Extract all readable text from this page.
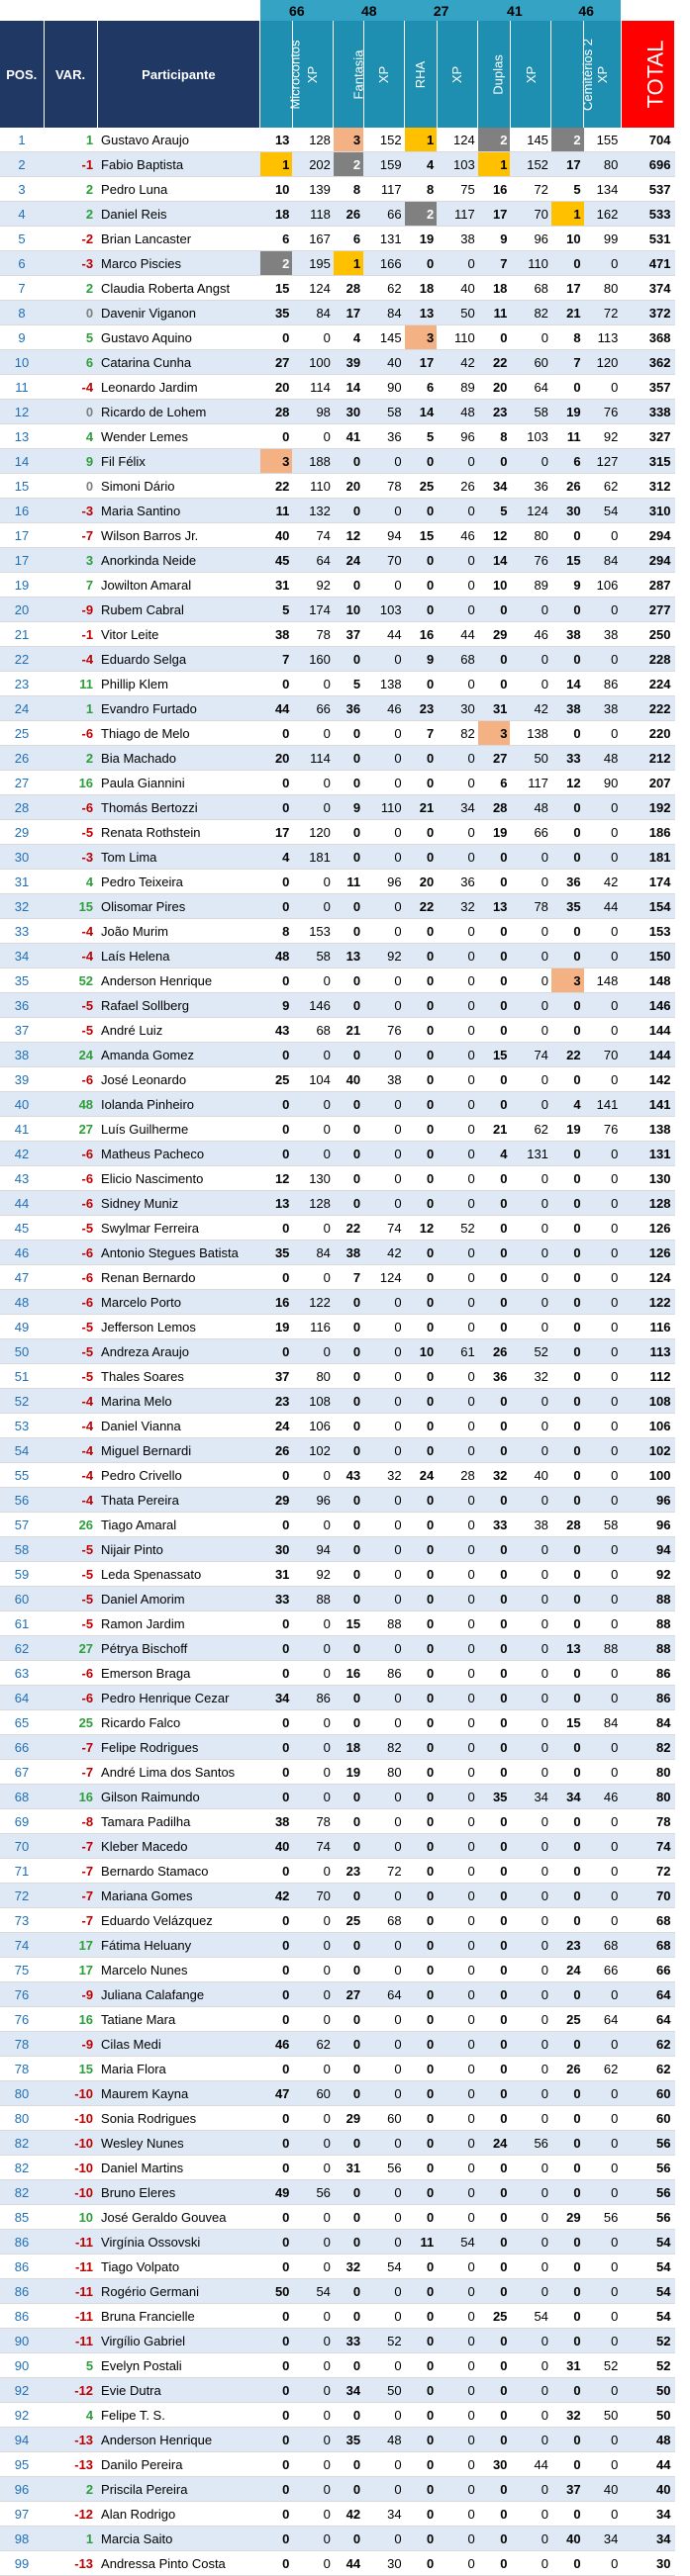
			66		48		27		41		46		
POS.	VAR.	Participante	Microcontos	XP	Fantasia	XP	RHA	XP	Duplas	XP	Cemitérios 2	XP	TOTAL
1	1	Gustavo Araujo	13	128	3	152	1	124	2	145	2	155	704
2	-1	Fabio Baptista	1	202	2	159	4	103	1	152	17	80	696
3	2	Pedro Luna	10	139	8	117	8	75	16	72	5	134	537
4	2	Daniel Reis	18	118	26	66	2	117	17	70	1	162	533
5	-2	Brian Lancaster	6	167	6	131	19	38	9	96	10	99	531
6	-3	Marco Piscies	2	195	1	166	0	0	7	110	0	0	471
7	2	Claudia Roberta Angst	15	124	28	62	18	40	18	68	17	80	374
8	0	Davenir Viganon	35	84	17	84	13	50	11	82	21	72	372
9	5	Gustavo Aquino	0	0	4	145	3	110	0	0	8	113	368
10	6	Catarina Cunha	27	100	39	40	17	42	22	60	7	120	362
11	-4	Leonardo Jardim	20	114	14	90	6	89	20	64	0	0	357
12	0	Ricardo de Lohem	28	98	30	58	14	48	23	58	19	76	338
13	4	Wender Lemes	0	0	41	36	5	96	8	103	11	92	327
14	9	Fil Félix	3	188	0	0	0	0	0	0	6	127	315
15	0	Simoni Dário	22	110	20	78	25	26	34	36	26	62	312
16	-3	Maria Santino	11	132	0	0	0	0	5	124	30	54	310
17	-7	Wilson Barros Jr.	40	74	12	94	15	46	12	80	0	0	294
17	3	Anorkinda Neide	45	64	24	70	0	0	14	76	15	84	294
19	7	Jowilton Amaral	31	92	0	0	0	0	10	89	9	106	287
20	-9	Rubem Cabral	5	174	10	103	0	0	0	0	0	0	277
21	-1	Vitor Leite	38	78	37	44	16	44	29	46	38	38	250
22	-4	Eduardo Selga	7	160	0	0	9	68	0	0	0	0	228
23	11	Phillip Klem	0	0	5	138	0	0	0	0	14	86	224
24	1	Evandro Furtado	44	66	36	46	23	30	31	42	38	38	222
25	-6	Thiago de Melo	0	0	0	0	7	82	3	138	0	0	220
26	2	Bia Machado	20	114	0	0	0	0	27	50	33	48	212
27	16	Paula Giannini	0	0	0	0	0	0	6	117	12	90	207
28	-6	Thomás Bertozzi	0	0	9	110	21	34	28	48	0	0	192
29	-5	Renata Rothstein	17	120	0	0	0	0	19	66	0	0	186
30	-3	Tom Lima	4	181	0	0	0	0	0	0	0	0	181
31	4	Pedro Teixeira	0	0	11	96	20	36	0	0	36	42	174
32	15	Olisomar Pires	0	0	0	0	22	32	13	78	35	44	154
33	-4	João Murim	8	153	0	0	0	0	0	0	0	0	153
34	-4	Laís Helena	48	58	13	92	0	0	0	0	0	0	150
35	52	Anderson Henrique	0	0	0	0	0	0	0	0	3	148	148
36	-5	Rafael Sollberg	9	146	0	0	0	0	0	0	0	0	146
37	-5	André Luiz	43	68	21	76	0	0	0	0	0	0	144
38	24	Amanda Gomez	0	0	0	0	0	0	15	74	22	70	144
39	-6	José Leonardo	25	104	40	38	0	0	0	0	0	0	142
40	48	Iolanda Pinheiro	0	0	0	0	0	0	0	0	4	141	141
41	27	Luís Guilherme	0	0	0	0	0	0	21	62	19	76	138
42	-6	Matheus Pacheco	0	0	0	0	0	0	4	131	0	0	131
43	-6	Elicio Nascimento	12	130	0	0	0	0	0	0	0	0	130
44	-6	Sidney Muniz	13	128	0	0	0	0	0	0	0	0	128
45	-5	Swylmar Ferreira	0	0	22	74	12	52	0	0	0	0	126
46	-6	Antonio Stegues Batista	35	84	38	42	0	0	0	0	0	0	126
47	-6	Renan Bernardo	0	0	7	124	0	0	0	0	0	0	124
48	-6	Marcelo Porto	16	122	0	0	0	0	0	0	0	0	122
49	-5	Jefferson Lemos	19	116	0	0	0	0	0	0	0	0	116
50	-5	Andreza Araujo	0	0	0	0	10	61	26	52	0	0	113
51	-5	Thales Soares	37	80	0	0	0	0	36	32	0	0	112
52	-4	Marina Melo	23	108	0	0	0	0	0	0	0	0	108
53	-4	Daniel Vianna	24	106	0	0	0	0	0	0	0	0	106
54	-4	Miguel Bernardi	26	102	0	0	0	0	0	0	0	0	102
55	-4	Pedro Crivello	0	0	43	32	24	28	32	40	0	0	100
56	-4	Thata Pereira	29	96	0	0	0	0	0	0	0	0	96
57	26	Tiago Amaral	0	0	0	0	0	0	33	38	28	58	96
58	-5	Nijair Pinto	30	94	0	0	0	0	0	0	0	0	94
59	-5	Leda Spenassato	31	92	0	0	0	0	0	0	0	0	92
60	-5	Daniel Amorim	33	88	0	0	0	0	0	0	0	0	88
61	-5	Ramon Jardim	0	0	15	88	0	0	0	0	0	0	88
62	27	Pétrya Bischoff	0	0	0	0	0	0	0	0	13	88	88
63	-6	Emerson Braga	0	0	16	86	0	0	0	0	0	0	86
64	-6	Pedro Henrique Cezar	34	86	0	0	0	0	0	0	0	0	86
65	25	Ricardo Falco	0	0	0	0	0	0	0	0	15	84	84
66	-7	Felipe Rodrigues	0	0	18	82	0	0	0	0	0	0	82
67	-7	André Lima dos Santos	0	0	19	80	0	0	0	0	0	0	80
68	16	Gilson Raimundo	0	0	0	0	0	0	35	34	34	46	80
69	-8	Tamara Padilha	38	78	0	0	0	0	0	0	0	0	78
70	-7	Kleber Macedo	40	74	0	0	0	0	0	0	0	0	74
71	-7	Bernardo Stamaco	0	0	23	72	0	0	0	0	0	0	72
72	-7	Mariana Gomes	42	70	0	0	0	0	0	0	0	0	70
73	-7	Eduardo Velázquez	0	0	25	68	0	0	0	0	0	0	68
74	17	Fátima Heluany	0	0	0	0	0	0	0	0	23	68	68
75	17	Marcelo Nunes	0	0	0	0	0	0	0	0	24	66	66
76	-9	Juliana Calafange	0	0	27	64	0	0	0	0	0	0	64
76	16	Tatiane Mara	0	0	0	0	0	0	0	0	25	64	64
78	-9	Cilas Medi	46	62	0	0	0	0	0	0	0	0	62
78	15	Maria Flora	0	0	0	0	0	0	0	0	26	62	62
80	-10	Maurem Kayna	47	60	0	0	0	0	0	0	0	0	60
80	-10	Sonia Rodrigues	0	0	29	60	0	0	0	0	0	0	60
82	-10	Wesley Nunes	0	0	0	0	0	0	24	56	0	0	56
82	-10	Daniel Martins	0	0	31	56	0	0	0	0	0	0	56
82	-10	Bruno Eleres	49	56	0	0	0	0	0	0	0	0	56
85	10	José Geraldo Gouvea	0	0	0	0	0	0	0	0	29	56	56
86	-11	Virgínia Ossovski	0	0	0	0	11	54	0	0	0	0	54
86	-11	Tiago Volpato	0	0	32	54	0	0	0	0	0	0	54
86	-11	Rogério Germani	50	54	0	0	0	0	0	0	0	0	54
86	-11	Bruna Francielle	0	0	0	0	0	0	25	54	0	0	54
90	-11	Virgílio Gabriel	0	0	33	52	0	0	0	0	0	0	52
90	5	Evelyn Postali	0	0	0	0	0	0	0	0	31	52	52
92	-12	Evie Dutra	0	0	34	50	0	0	0	0	0	0	50
92	4	Felipe T. S.	0	0	0	0	0	0	0	0	32	50	50
94	-13	Anderson Henrique	0	0	35	48	0	0	0	0	0	0	48
95	-13	Danilo Pereira	0	0	0	0	0	0	30	44	0	0	44
96	2	Priscila Pereira	0	0	0	0	0	0	0	0	37	40	40
97	-12	Alan Rodrigo	0	0	42	34	0	0	0	0	0	0	34
98	1	Marcia Saito	0	0	0	0	0	0	0	0	40	34	34
99	-13	Andressa Pinto Costa	0	0	44	30	0	0	0	0	0	0	30
